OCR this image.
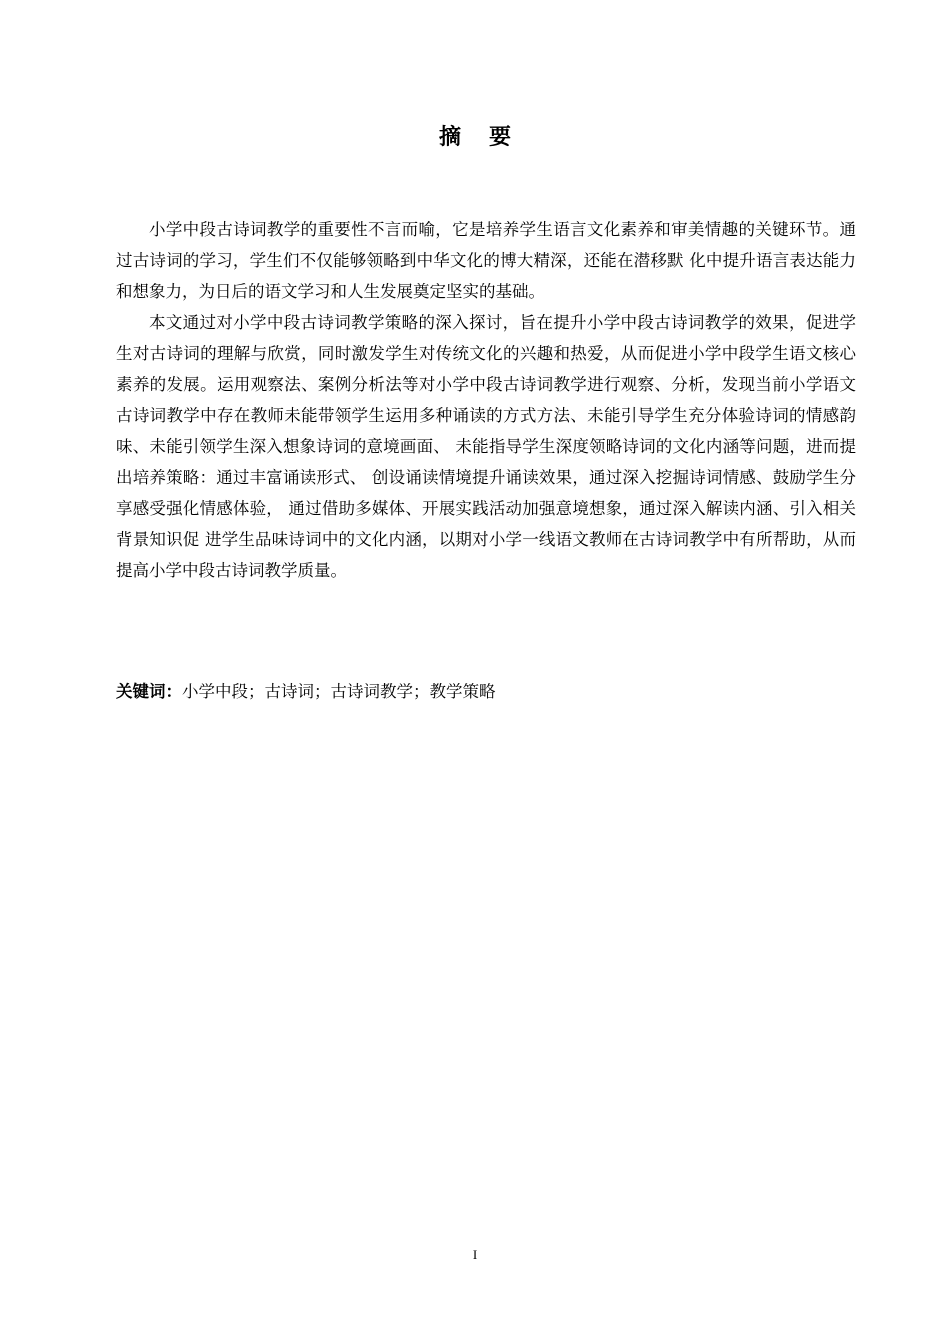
摘要

小学中段古诗词教学的重要性不言而喻，它是培养学生语言文化素养和审美情趣的关键环节。通过古诗词的学习，学生们不仅能够领略到中华文化的博大精深，还能在潜移默 化中提升语言表达能力和想象力，为日后的语文学习和人生发展奠定坚实的基础。

本文通过对小学中段古诗词教学策略的深入探讨，旨在提升小学中段古诗词教学的效果，促进学生对古诗词的理解与欣赏，同时激发学生对传统文化的兴趣和热爱，从而促进小学中段学生语文核心素养的发展。运用观察法、案例分析法等对小学中段古诗词教学进行观察、分析，发现当前小学语文古诗词教学中存在教师未能带领学生运用多种诵读的方式方法、未能引导学生充分体验诗词的情感韵味、未能引领学生深入想象诗词的意境画面、 未能指导学生深度领略诗词的文化内涵等问题，进而提出培养策略：通过丰富诵读形式、 创设诵读情境提升诵读效果，通过深入挖掘诗词情感、鼓励学生分享感受强化情感体验， 通过借助多媒体、开展实践活动加强意境想象，通过深入解读内涵、引入相关背景知识促 进学生品味诗词中的文化内涵，以期对小学一线语文教师在古诗词教学中有所帮助，从而 提高小学中段古诗词教学质量。

关键词：小学中段；古诗词；古诗词教学；教学策略
I
